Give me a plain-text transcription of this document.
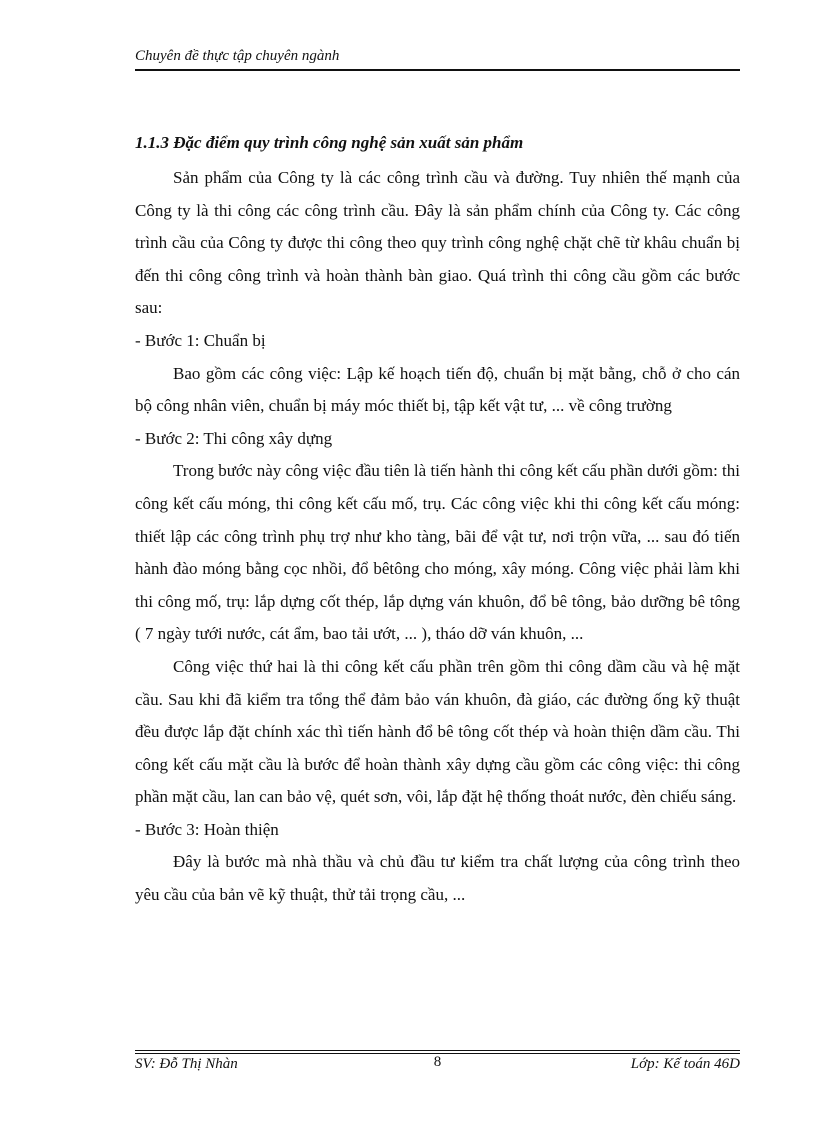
Chuyên đề thực tập chuyên ngành
1.1.3 Đặc điểm quy trình công nghệ sản xuất sản phẩm

Sản phẩm của Công ty là các công trình cầu và đường. Tuy nhiên thế mạnh của Công ty là thi công các công trình cầu. Đây là sản phẩm chính của Công ty. Các công trình cầu của Công ty được thi công theo quy trình công nghệ chặt chẽ từ khâu chuẩn bị đến thi công công trình và hoàn thành bàn giao. Quá trình thi công cầu gồm các bước sau:

- Bước 1: Chuẩn bị

Bao gồm các công việc: Lập kế hoạch tiến độ, chuẩn bị mặt bằng, chỗ ở cho cán bộ công nhân viên, chuẩn bị máy móc thiết bị, tập kết vật tư, ... về công trường

- Bước 2: Thi công xây dựng

Trong bước này công việc đầu tiên là tiến hành thi công kết cấu phần dưới gồm: thi công kết cấu móng, thi công kết cấu mố, trụ. Các công việc khi thi công kết cấu móng: thiết lập các công trình phụ trợ như kho tàng, bãi để vật tư, nơi trộn vữa, ... sau đó tiến hành đào móng bằng cọc nhồi, đổ bêtông cho móng, xây móng. Công việc phải làm khi thi công mố, trụ: lắp dựng cốt thép, lắp dựng ván khuôn, đổ bê tông, bảo dưỡng bê tông ( 7 ngày tưới nước, cát ẩm, bao tải ướt, ... ), tháo dỡ ván khuôn, ...

Công việc thứ hai là thi công kết cấu phần trên gồm thi công dầm cầu và hệ mặt cầu. Sau khi đã kiểm tra tổng thể đảm bảo ván khuôn, đà giáo, các đường ống kỹ thuật đều được lắp đặt chính xác thì tiến hành đổ bê tông cốt thép và hoàn thiện dầm cầu. Thi công kết cấu mặt cầu là bước để hoàn thành xây dựng cầu gồm các công việc: thi công phần mặt cầu, lan can bảo vệ, quét sơn, vôi, lắp đặt hệ thống thoát nước, đèn chiếu sáng.

- Bước 3: Hoàn thiện

Đây là bước mà nhà thầu và chủ đầu tư kiểm tra chất lượng của công trình theo yêu cầu của bản vẽ kỹ thuật, thử tải trọng cầu, ...

SV: Đỗ Thị Nhàn	8	Lớp: Kế toán 46D
